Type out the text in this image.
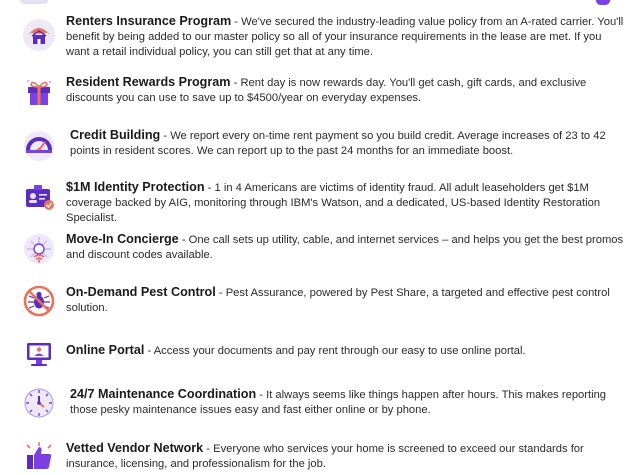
Renters Insurance Program - We've secured the industry-leading value policy from an A-rated carrier. You'll benefit by being added to our master policy so all of your insurance requirements in the lease are met. If you want a retail individual policy, you can still get that at any time.
Resident Rewards Program - Rent day is now rewards day. You'll get cash, gift cards, and exclusive discounts you can use to save up to $4500/year on everyday expenses.
Credit Building - We report every on-time rent payment so you build credit. Average increases of 23 to 42 points in resident scores. We can report up to the past 24 months for an immediate boost.
$1M Identity Protection - 1 in 4 Americans are victims of identity fraud. All adult leaseholders get $1M coverage backed by AIG, monitoring through IBM's Watson, and a dedicated, US-based Identity Restoration Specialist.
Move-In Concierge - One call sets up utility, cable, and internet services – and helps you get the best promos and discount codes available.
On-Demand Pest Control - Pest Assurance, powered by Pest Share, a targeted and effective pest control solution.
Online Portal - Access your documents and pay rent through our easy to use online portal.
24/7 Maintenance Coordination - It always seems like things happen after hours. This makes reporting those pesky maintenance issues easy and fast either online or by phone.
Vetted Vendor Network - Everyone who services your home is screened to exceed our standards for insurance, licensing, and professionalism for the job.
